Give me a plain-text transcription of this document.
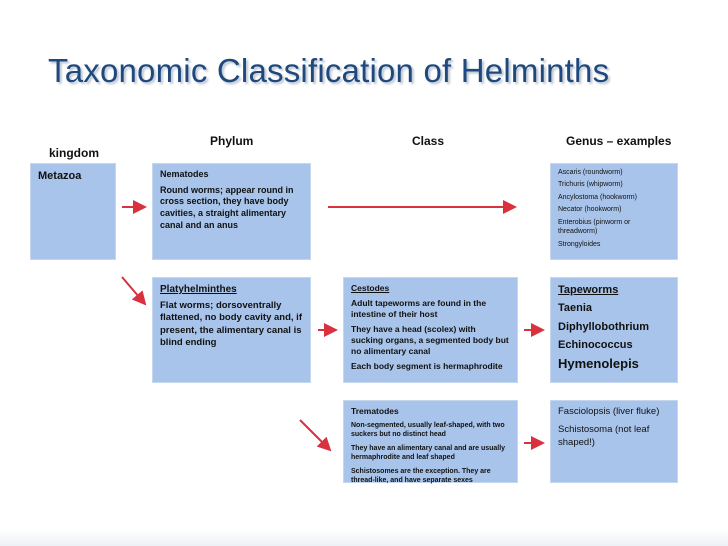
Taxonomic Classification of Helminths
kingdom
Phylum	Class	Genus – examples
Metazoa	Nematodes
Round worms; appear round in cross section, they have body cavities, a straight alimentary canal and an anus
Ascaris (roundworm)
Trichuris (whipworm)
Ancylostoma (hookworm)
Necator (hookworm)
Enterobius (pinworm or threadworm)
Strongyloides
Platyhelminthes
Flat worms; dorsoventrally flattened, no body cavity and, if present, the alimentary canal is blind ending
Cestodes
Adult tapeworms are found in the intestine of their host
They have a head (scolex) with sucking organs, a segmented body but no alimentary canal
Each body segment is hermaphrodite
Tapeworms
Taenia
Diphyllobothrium
Echinococcus
Hymenolepis
Trematodes
Non-segmented, usually leaf-shaped, with two suckers but no distinct head
They have an alimentary canal and are usually hermaphrodite and leaf shaped
Schistosomes are the exception. They are thread-like, and have separate sexes
Fasciolopsis (liver fluke)
Schistosoma (not leaf shaped!)
